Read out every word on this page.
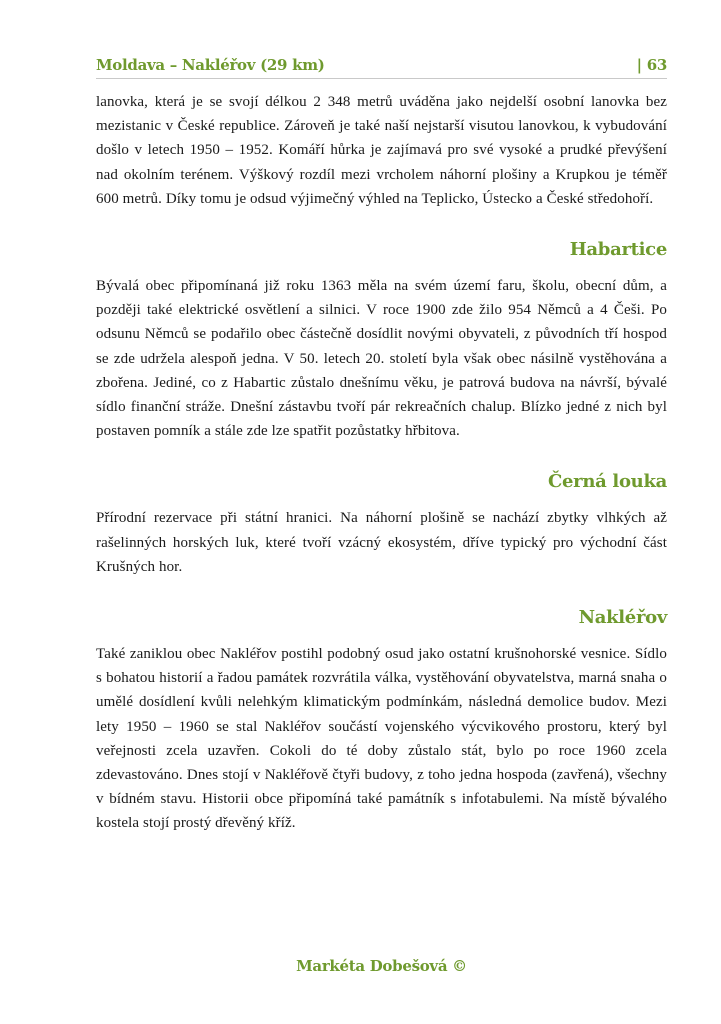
Moldava – Nakléřov (29 km)	| 63

lanovka, která je se svojí délkou 2 348 metrů uváděna jako nejdelší osobní lanovka bez mezistanic v České republice. Zároveň je také naší nejstarší visutou lanovkou, k vybudování došlo v letech 1950 – 1952. Komáří hůrka je zajímavá pro své vysoké a prudké převýšení nad okolním terénem. Výškový rozdíl mezi vrcholem náhorní plošiny a Krupkou je téměř 600 metrů. Díky tomu je odsud výjimečný výhled na Teplicko, Ústecko a České středohoří.

Habartice

Bývalá obec připomínaná již roku 1363 měla na svém území faru, školu, obecní dům, a později také elektrické osvětlení a silnici. V roce 1900 zde žilo 954 Němců a 4 Češi. Po odsunu Němců se podařilo obec částečně dosídlit novými obyvateli, z původních tří hospod se zde udržela alespoň jedna. V 50. letech 20. století byla však obec násilně vystěhována a zbořena. Jediné, co z Habartic zůstalo dnešnímu věku, je patrová budova na návrší, bývalé sídlo finanční stráže. Dnešní zástavbu tvoří pár rekreačních chalup. Blízko jedné z nich byl postaven pomník a stále zde lze spatřit pozůstatky hřbitova.

Černá louka

Přírodní rezervace při státní hranici. Na náhorní plošině se nachází zbytky vlhkých až rašelinných horských luk, které tvoří vzácný ekosystém, dříve typický pro východní část Krušných hor.

Nakléřov

Také zaniklou obec Nakléřov postihl podobný osud jako ostatní krušnohorské vesnice. Sídlo s bohatou historií a řadou památek rozvrátila válka, vystěhování obyvatelstva, marná snaha o umělé dosídlení kvůli nelehkým klimatickým podmínkám, následná demolice budov. Mezi lety 1950 – 1960 se stal Nakléřov součástí vojenského výcvikového prostoru, který byl veřejnosti zcela uzavřen. Cokoli do té doby zůstalo stát, bylo po roce 1960 zcela zdevastováno. Dnes stojí v Nakléřově čtyři budovy, z toho jedna hospoda (zavřená), všechny v bídném stavu. Historii obce připomíná také památník s infotabulemi. Na místě bývalého kostela stojí prostý dřevěný kříž.

Markéta Dobešová ©
